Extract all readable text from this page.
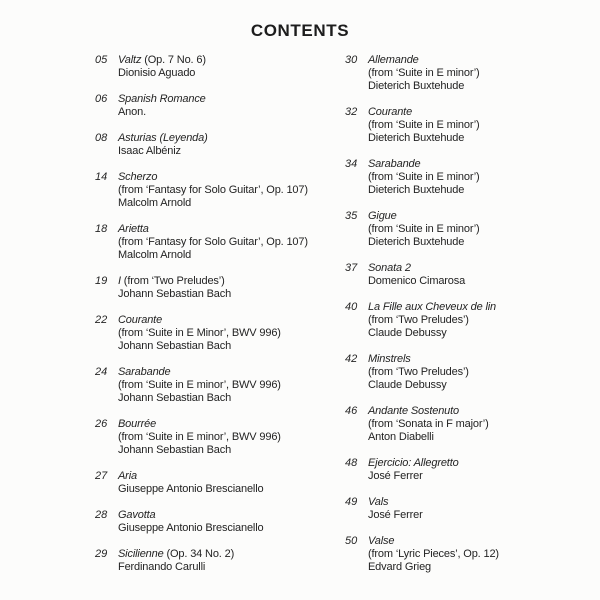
CONTENTS
05 Valtz (Op. 7 No. 6)
Dionisio Aguado
06 Spanish Romance
Anon.
08 Asturias (Leyenda)
Isaac Albéniz
14 Scherzo
(from ‘Fantasy for Solo Guitar’, Op. 107)
Malcolm Arnold
18 Arietta
(from ‘Fantasy for Solo Guitar’, Op. 107)
Malcolm Arnold
19 I (from ‘Two Preludes’)
Johann Sebastian Bach
22 Courante
(from ‘Suite in E Minor’, BWV 996)
Johann Sebastian Bach
24 Sarabande
(from ‘Suite in E minor’, BWV 996)
Johann Sebastian Bach
26 Bourrée
(from ‘Suite in E minor’, BWV 996)
Johann Sebastian Bach
27 Aria
Giuseppe Antonio Brescianello
28 Gavotta
Giuseppe Antonio Brescianello
29 Sicilienne (Op. 34 No. 2)
Ferdinando Carulli
30 Allemande
(from ‘Suite in E minor’)
Dieterich Buxtehude
32 Courante
(from ‘Suite in E minor’)
Dieterich Buxtehude
34 Sarabande
(from ‘Suite in E minor’)
Dieterich Buxtehude
35 Gigue
(from ‘Suite in E minor’)
Dieterich Buxtehude
37 Sonata 2
Domenico Cimarosa
40 La Fille aux Cheveux de lin
(from ‘Two Preludes’)
Claude Debussy
42 Minstrels
(from ‘Two Preludes’)
Claude Debussy
46 Andante Sostenuto
(from ‘Sonata in F major’)
Anton Diabelli
48 Ejercicio: Allegretto
José Ferrer
49 Vals
José Ferrer
50 Valse
(from ‘Lyric Pieces’, Op. 12)
Edvard Grieg
